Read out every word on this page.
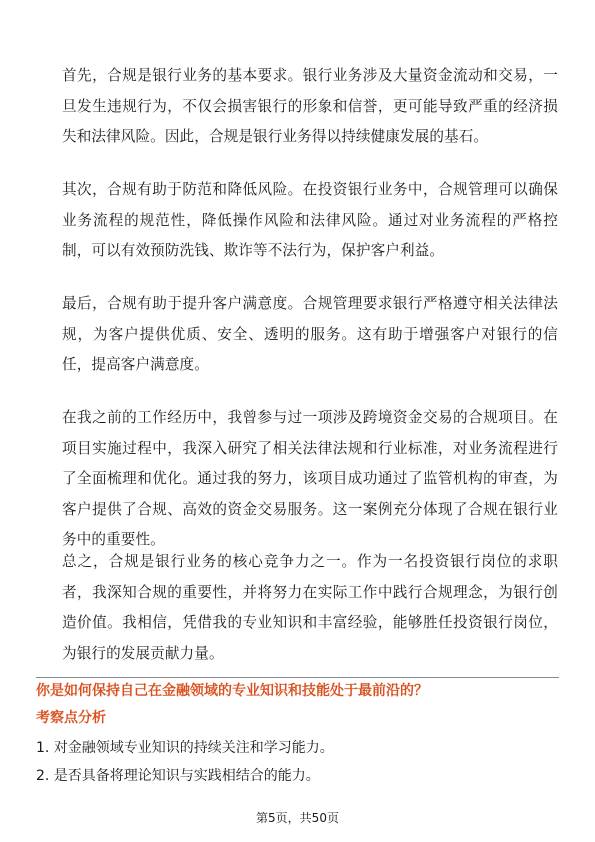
首先，合规是银行业务的基本要求。银行业务涉及大量资金流动和交易，一旦发生违规行为，不仅会损害银行的形象和信誉，更可能导致严重的经济损失和法律风险。因此，合规是银行业务得以持续健康发展的基石。

其次，合规有助于防范和降低风险。在投资银行业务中，合规管理可以确保业务流程的规范性，降低操作风险和法律风险。通过对业务流程的严格控制，可以有效预防洗钱、欺诈等不法行为，保护客户利益。

最后，合规有助于提升客户满意度。合规管理要求银行严格遵守相关法律法规，为客户提供优质、安全、透明的服务。这有助于增强客户对银行的信任，提高客户满意度。

在我之前的工作经历中，我曾参与过一项涉及跨境资金交易的合规项目。在项目实施过程中，我深入研究了相关法律法规和行业标准，对业务流程进行了全面梳理和优化。通过我的努力，该项目成功通过了监管机构的审查，为客户提供了合规、高效的资金交易服务。这一案例充分体现了合规在银行业务中的重要性。

总之，合规是银行业务的核心竞争力之一。作为一名投资银行岗位的求职者，我深知合规的重要性，并将努力在实际工作中践行合规理念，为银行创造价值。我相信，凭借我的专业知识和丰富经验，能够胜任投资银行岗位，为银行的发展贡献力量。

你是如何保持自己在金融领域的专业知识和技能处于最前沿的？

考察点分析

1. 对金融领域专业知识的持续关注和学习能力。
2. 是否具备将理论知识与实践相结合的能力。
第5页，共50页
